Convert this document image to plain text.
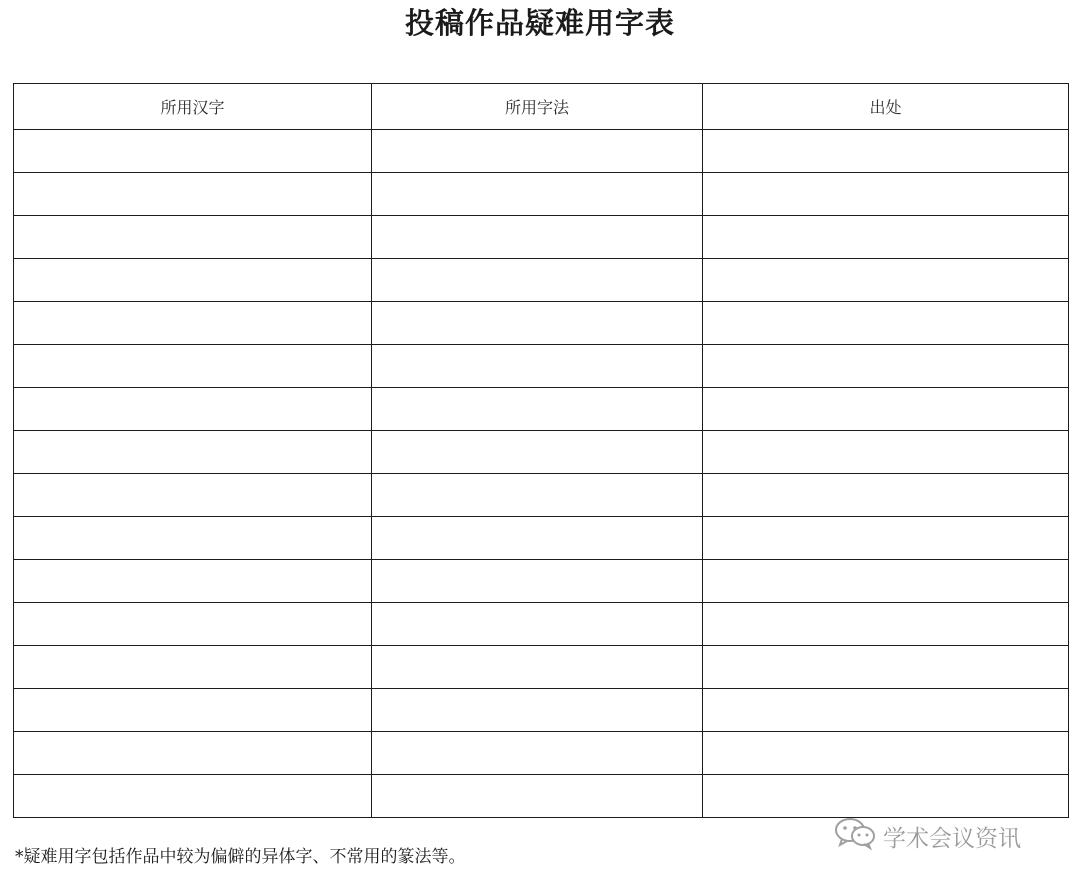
投稿作品疑难用字表
所用汉字	所用字法	出处

*疑难用字包括作品中较为偏僻的异体字、不常用的篆法等。
学术会议资讯
